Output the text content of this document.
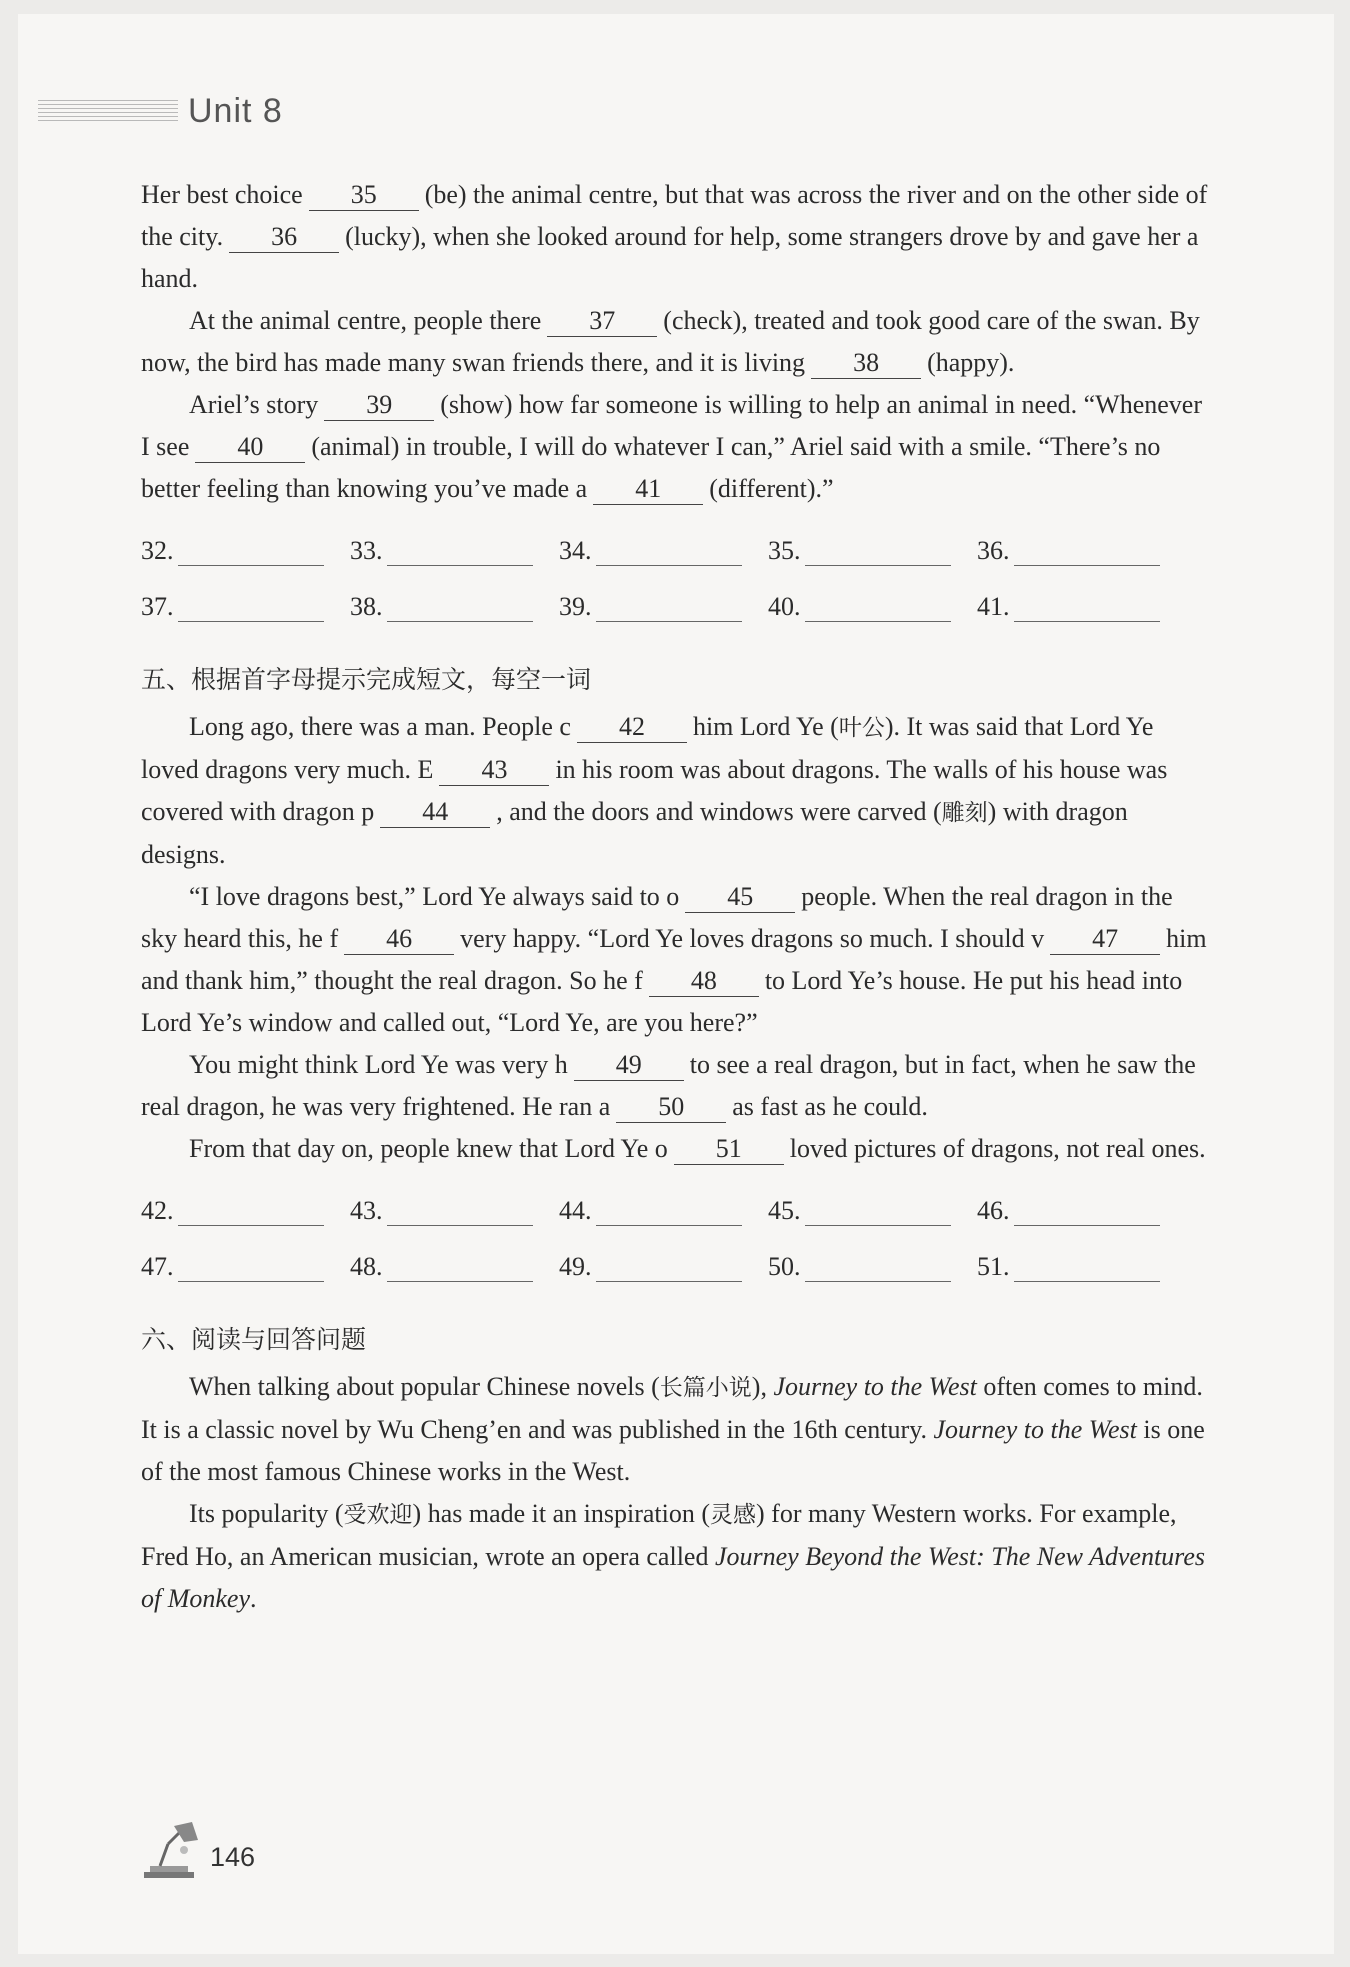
Unit 8

Her best choice 35 (be) the animal centre, but that was across the river and on the other side of the city. 36 (lucky), when she looked around for help, some strangers drove by and gave her a hand.

At the animal centre, people there 37 (check), treated and took good care of the swan. By now, the bird has made many swan friends there, and it is living 38 (happy).

Ariel’s story 39 (show) how far someone is willing to help an animal in need. “Whenever I see 40 (animal) in trouble, I will do whatever I can,” Ariel said with a smile. “There’s no better feeling than knowing you’ve made a 41 (different).”

32.	33.	34.	35.	36.
37.	38.	39.	40.	41.
五、根据首字母提示完成短文，每空一词

Long ago, there was a man. People c 42 him Lord Ye (叶公). It was said that Lord Ye loved dragons very much. E 43 in his room was about dragons. The walls of his house was covered with dragon p 44 , and the doors and windows were carved (雕刻) with dragon designs.

“I love dragons best,” Lord Ye always said to o 45 people. When the real dragon in the sky heard this, he f 46 very happy. “Lord Ye loves dragons so much. I should v 47 him and thank him,” thought the real dragon. So he f 48 to Lord Ye’s house. He put his head into Lord Ye’s window and called out, “Lord Ye, are you here?”

You might think Lord Ye was very h 49 to see a real dragon, but in fact, when he saw the real dragon, he was very frightened. He ran a 50 as fast as he could.

From that day on, people knew that Lord Ye o 51 loved pictures of dragons, not real ones.

42.	43.	44.	45.	46.
47.	48.	49.	50.	51.
六、阅读与回答问题

When talking about popular Chinese novels (长篇小说), Journey to the West often comes to mind. It is a classic novel by Wu Cheng’en and was published in the 16th century. Journey to the West is one of the most famous Chinese works in the West.

Its popularity (受欢迎) has made it an inspiration (灵感) for many Western works. For example, Fred Ho, an American musician, wrote an opera called Journey Beyond the West: The New Adventures of Monkey.

146
